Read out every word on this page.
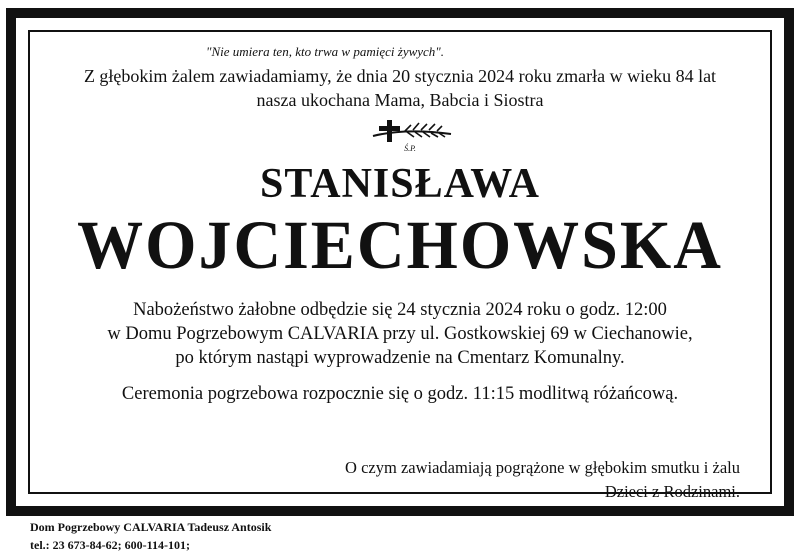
"Nie umiera ten, kto trwa w pamięci żywych".
Z głębokim żalem zawiadamiamy, że dnia 20 stycznia 2024 roku zmarła w wieku 84 lat
nasza ukochana Mama, Babcia i Siostra
Ś.P.
STANISŁAWA
WOJCIECHOWSKA
Nabożeństwo żałobne odbędzie się 24 stycznia 2024 roku o godz. 12:00
w Domu Pogrzebowym CALVARIA przy ul. Gostkowskiej 69 w Ciechanowie,
po którym nastąpi wyprowadzenie na Cmentarz Komunalny.
Ceremonia pogrzebowa rozpocznie się o godz. 11:15 modlitwą różańcową.
O czym zawiadamiają pogrążone w głębokim smutku i żalu
Dzieci z Rodzinami.
Dom Pogrzebowy CALVARIA Tadeusz Antosik
tel.: 23 673-84-62; 600-114-101;
